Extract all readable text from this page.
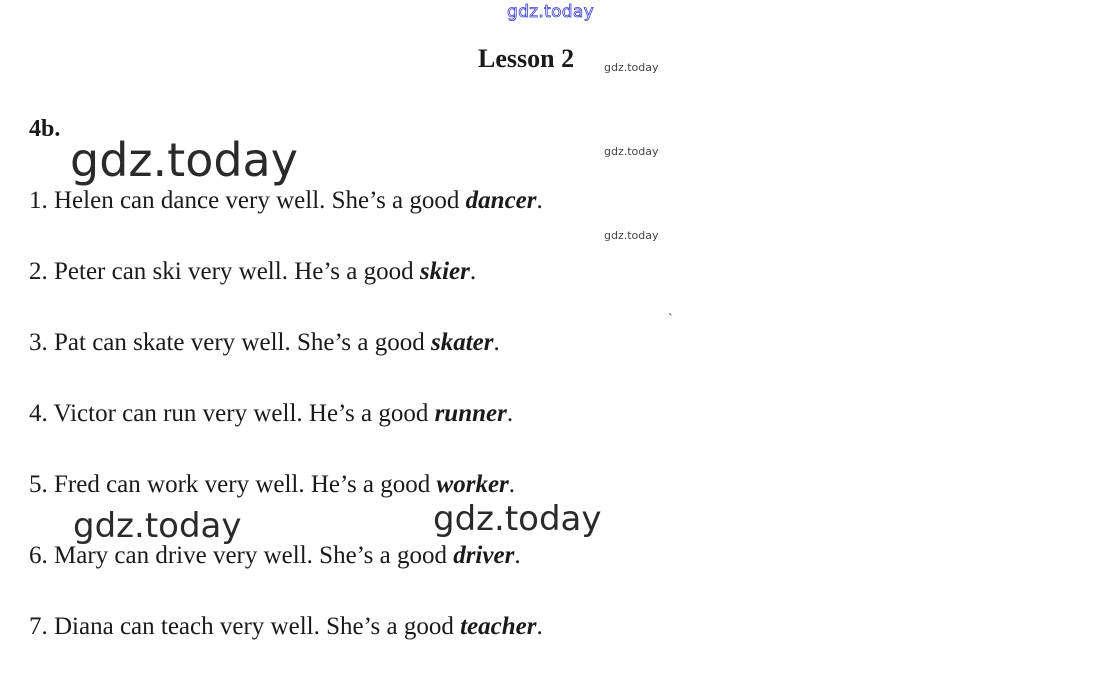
gdz.today
gdz.today
gdz.today
gdz.today
gdz.today
gdz.today	gdz.today
`
Lesson 2
4b.
1. Helen can dance very well. She’s a good dancer.
2. Peter can ski very well. He’s a good skier.
3. Pat can skate very well. She’s a good skater.
4. Victor can run very well. He’s a good runner.
5. Fred can work very well. He’s a good worker.
6. Mary can drive very well. She’s a good driver.
7. Diana can teach very well. She’s a good teacher.
